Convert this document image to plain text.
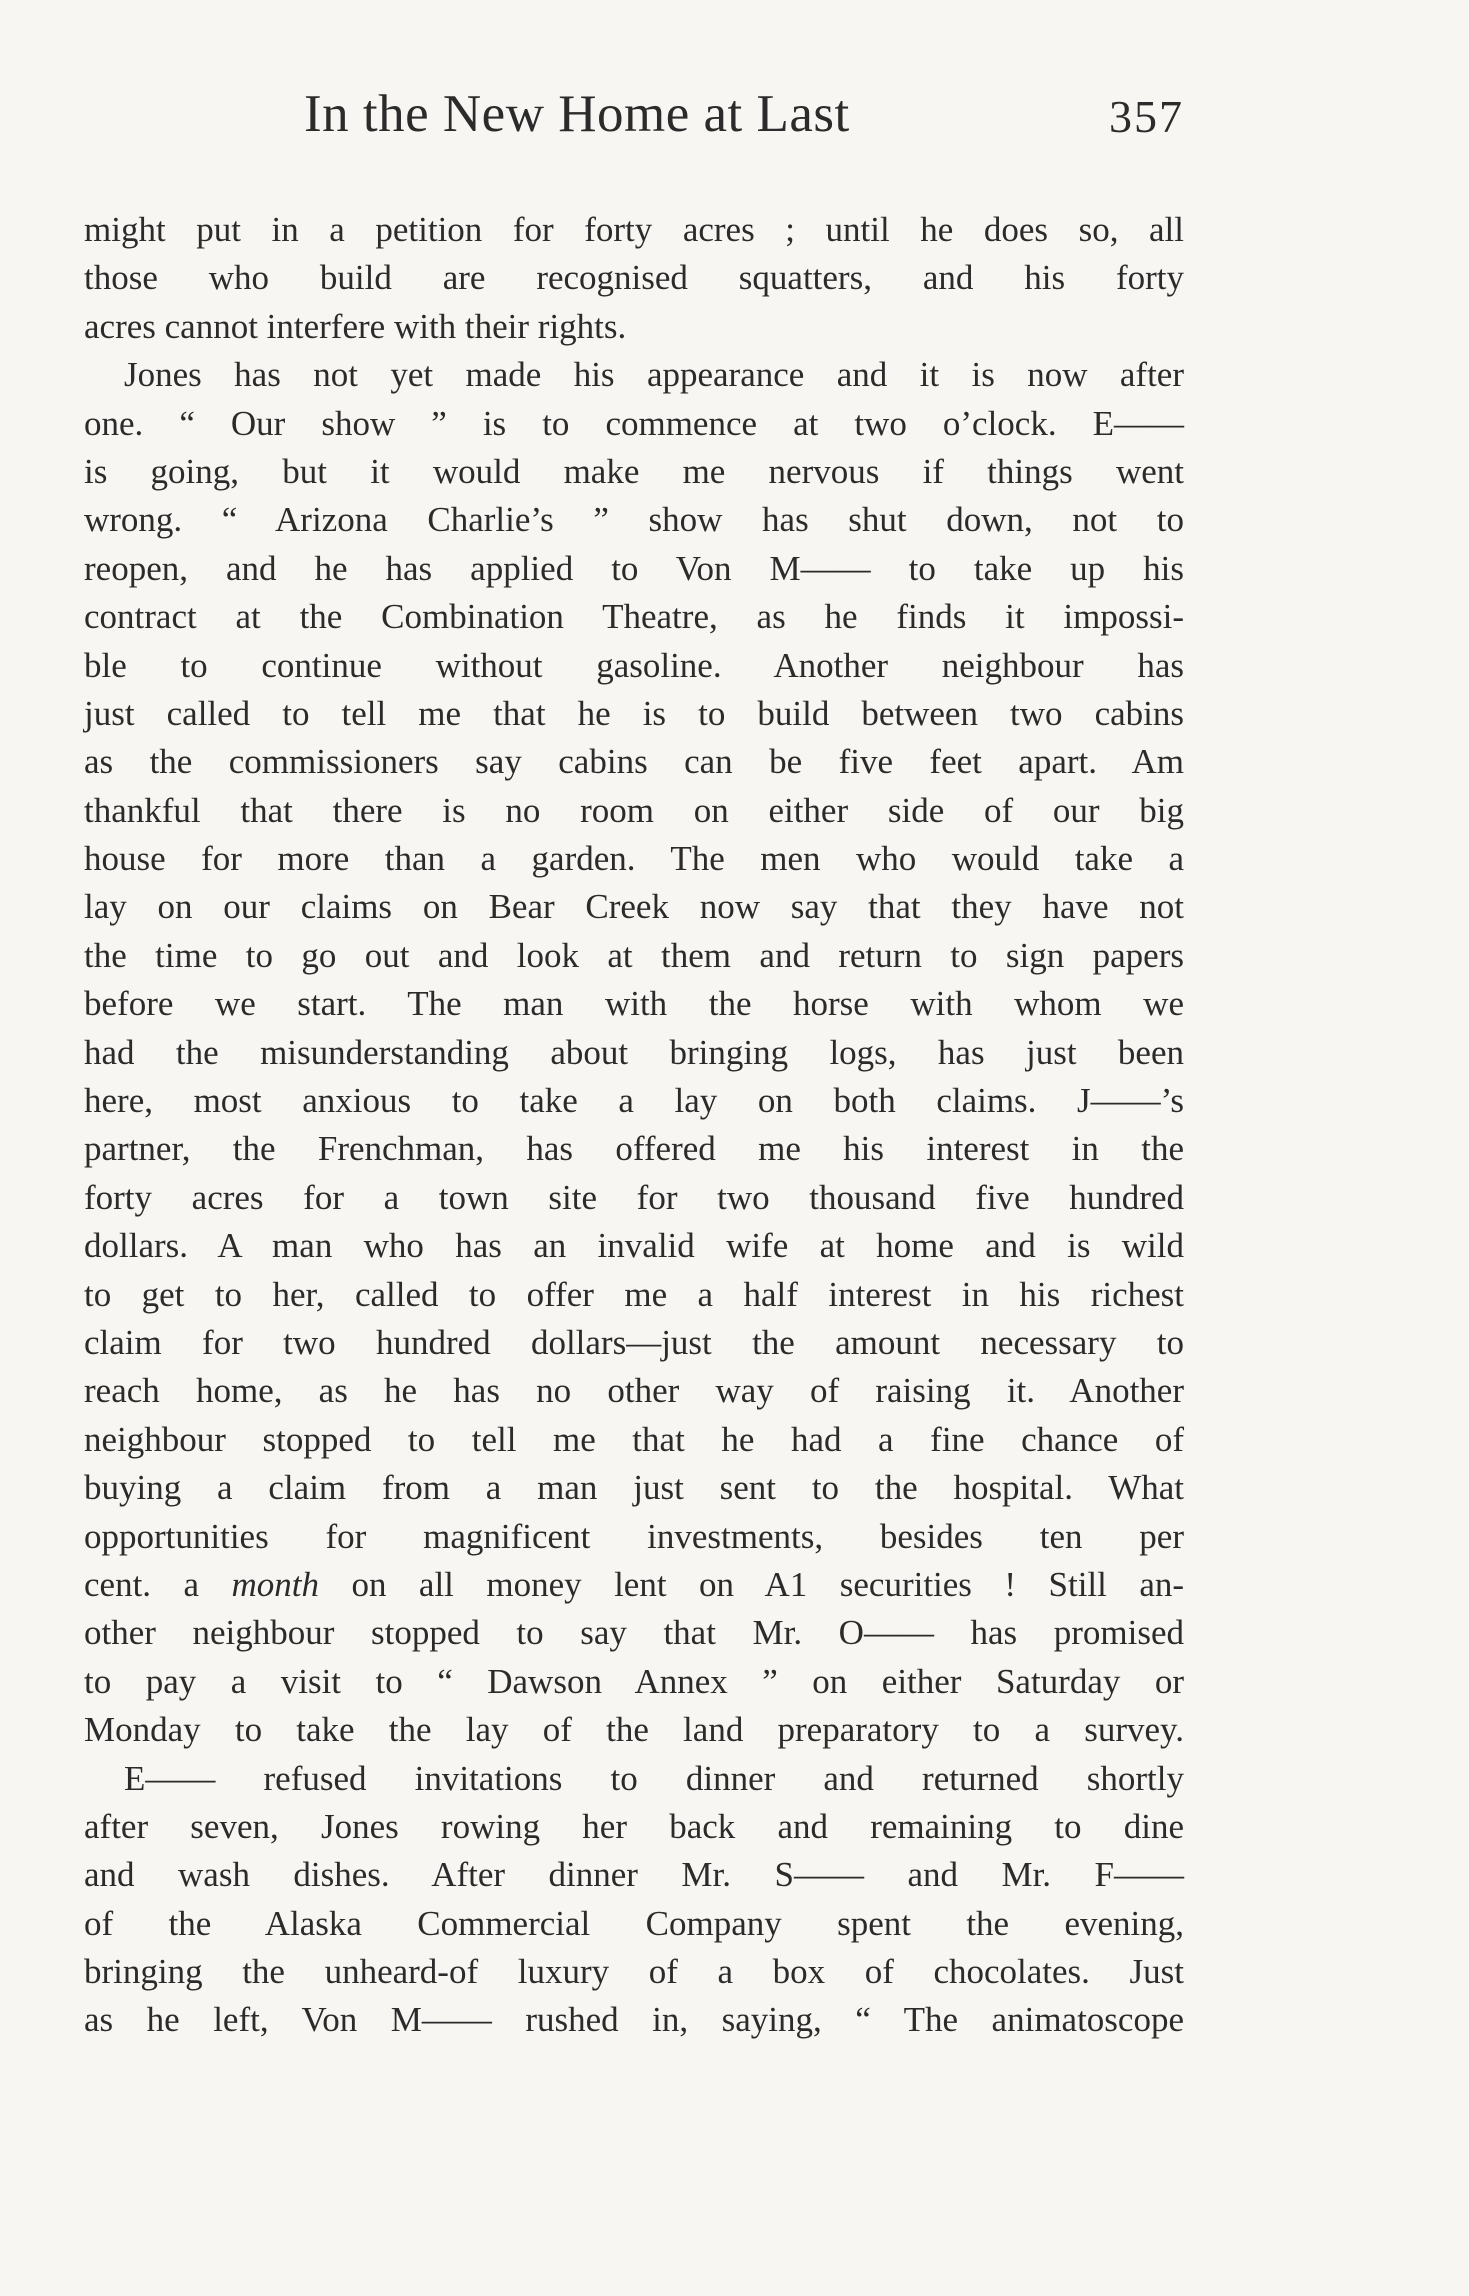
In the New Home at Last	357
might put in a petition for forty acres ; until he does so, all
those who build are recognised squatters, and his forty
acres cannot interfere with their rights.
Jones has not yet made his appearance and it is now after
one. “ Our show ” is to commence at two o’clock. E——
is going, but it would make me nervous if things went
wrong. “ Arizona Charlie’s ” show has shut down, not to
reopen, and he has applied to Von M—— to take up his
contract at the Combination Theatre, as he finds it impossi-
ble to continue without gasoline. Another neighbour has
just called to tell me that he is to build between two cabins
as the commissioners say cabins can be five feet apart. Am
thankful that there is no room on either side of our big
house for more than a garden. The men who would take a
lay on our claims on Bear Creek now say that they have not
the time to go out and look at them and return to sign papers
before we start. The man with the horse with whom we
had the misunderstanding about bringing logs, has just been
here, most anxious to take a lay on both claims. J——’s
partner, the Frenchman, has offered me his interest in the
forty acres for a town site for two thousand five hundred
dollars. A man who has an invalid wife at home and is wild
to get to her, called to offer me a half interest in his richest
claim for two hundred dollars—just the amount necessary to
reach home, as he has no other way of raising it. Another
neighbour stopped to tell me that he had a fine chance of
buying a claim from a man just sent to the hospital. What
opportunities for magnificent investments, besides ten per
cent. a month on all money lent on A1 securities ! Still an-
other neighbour stopped to say that Mr. O—— has promised
to pay a visit to “ Dawson Annex ” on either Saturday or
Monday to take the lay of the land preparatory to a survey.
E—— refused invitations to dinner and returned shortly
after seven, Jones rowing her back and remaining to dine
and wash dishes. After dinner Mr. S—— and Mr. F——
of the Alaska Commercial Company spent the evening,
bringing the unheard-of luxury of a box of chocolates. Just
as he left, Von M—— rushed in, saying, “ The animatoscope
